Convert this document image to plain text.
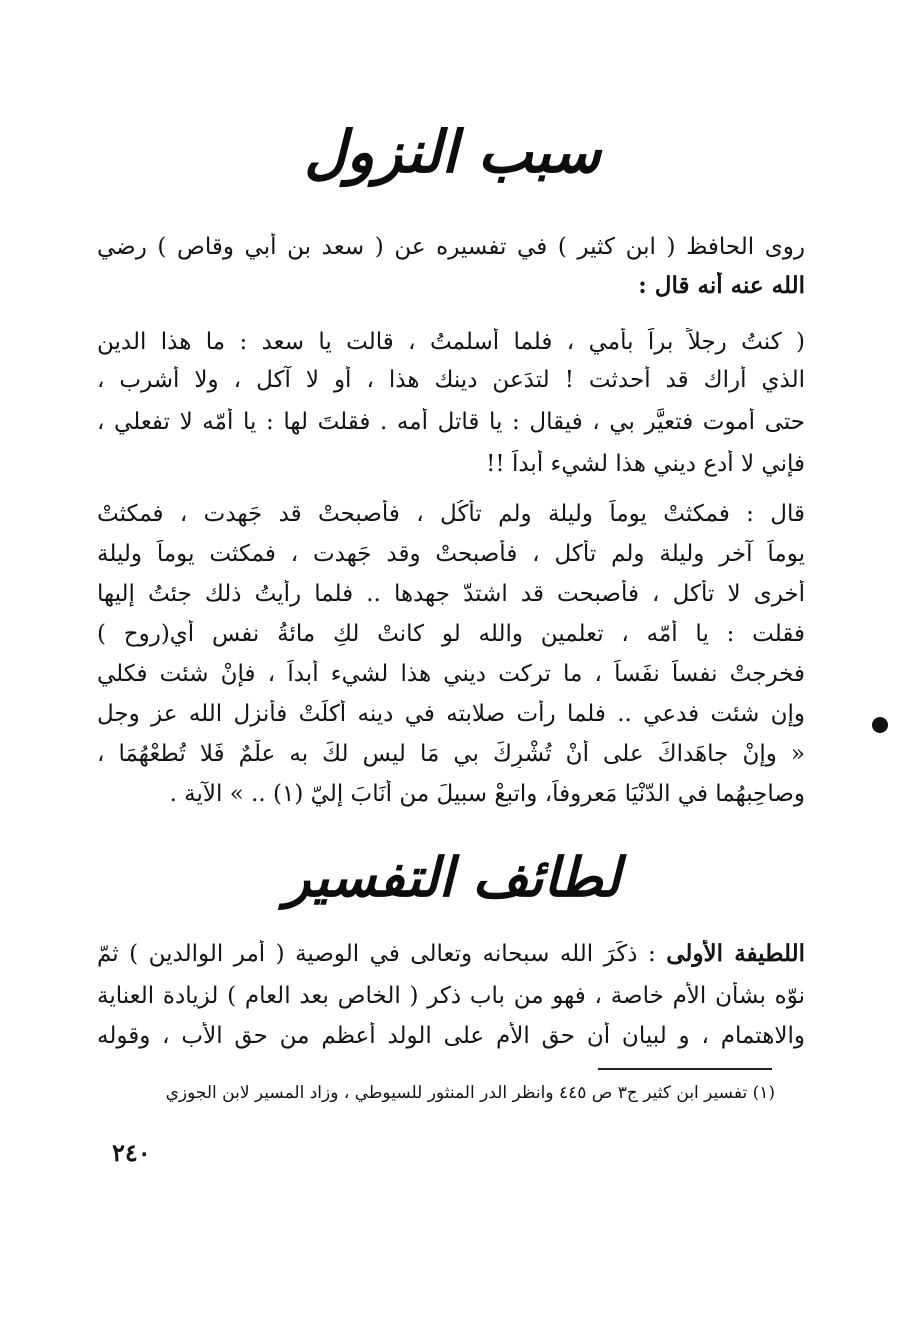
سبب النزول
روى الحافظ ( ابن كثير ) في تفسيره عن ( سعد بن أبي وقاص ) رضي
الله عنه أنه قال :
( كنتُ رجلاً براً بأمي ، فلما أسلمتُ ، قالت يا سعد : ما هذا الدين
الذي أراك قد أحدثت ! لتدَعن دينك هذا ، أو لا آكل ، ولا أشرب ،
حتى أموت فتعيَّر بي ، فيقال : يا قاتل أمه . فقلتَ لها : يا أمّه لا تفعلي ،
فإني لا أدع ديني هذا لشيء أبداً !!
قال : فمكثتْ يوماً وليلة ولم تأكُل ، فأصبحتْ قد جَهدت ، فمكثتْ
يوماً آخر وليلة ولم تأكل ، فأصبحتْ وقد جَهدت ، فمكثت يوماً وليلة
أخرى لا تأكل ، فأصبحت قد اشتدّ جهدها .. فلما رأيتُ ذلك جئتُ إليها
فقلت : يا أمّه ، تعلمين والله لو كانتْ لكِ مائةُ نفس أي(روح )
فخرجتْ نفساً نفَساً ، ما تركت ديني هذا لشيء أبداً ، فإنْ شئت فكلي
وإن شئت فدعي .. فلما رأت صلابته في دينه أكلَتْ فأنزل الله عز وجل
« وإنْ جاهَداكَ على أنْ تُشْرِكَ بي مَا ليس لكَ به علْمٌ فَلا تُطعْهُمَا ،
وصاحِبهُما في الدّنْيَا مَعروفاً، واتبعْ سبيلَ من أنَابَ إليّ (١) .. » الآية .
لطائف التفسير
اللطيفة الأولى : ذكَرَ الله سبحانه وتعالى في الوصية ( أمر الوالدين ) ثمّ
نوّه بشأن الأم خاصة ، فهو من باب ذكر ( الخاص بعد العام ) لزيادة العناية
والاهتمام ، و لبيان أن حق الأم على الولد أعظم من حق الأب ، وقوله
(١) تفسير ابن كثير ج٣ ص ٤٤٥ وانظر الدر المنثور للسيوطي ، وزاد المسير لابن الجوزي
٢٤٠
